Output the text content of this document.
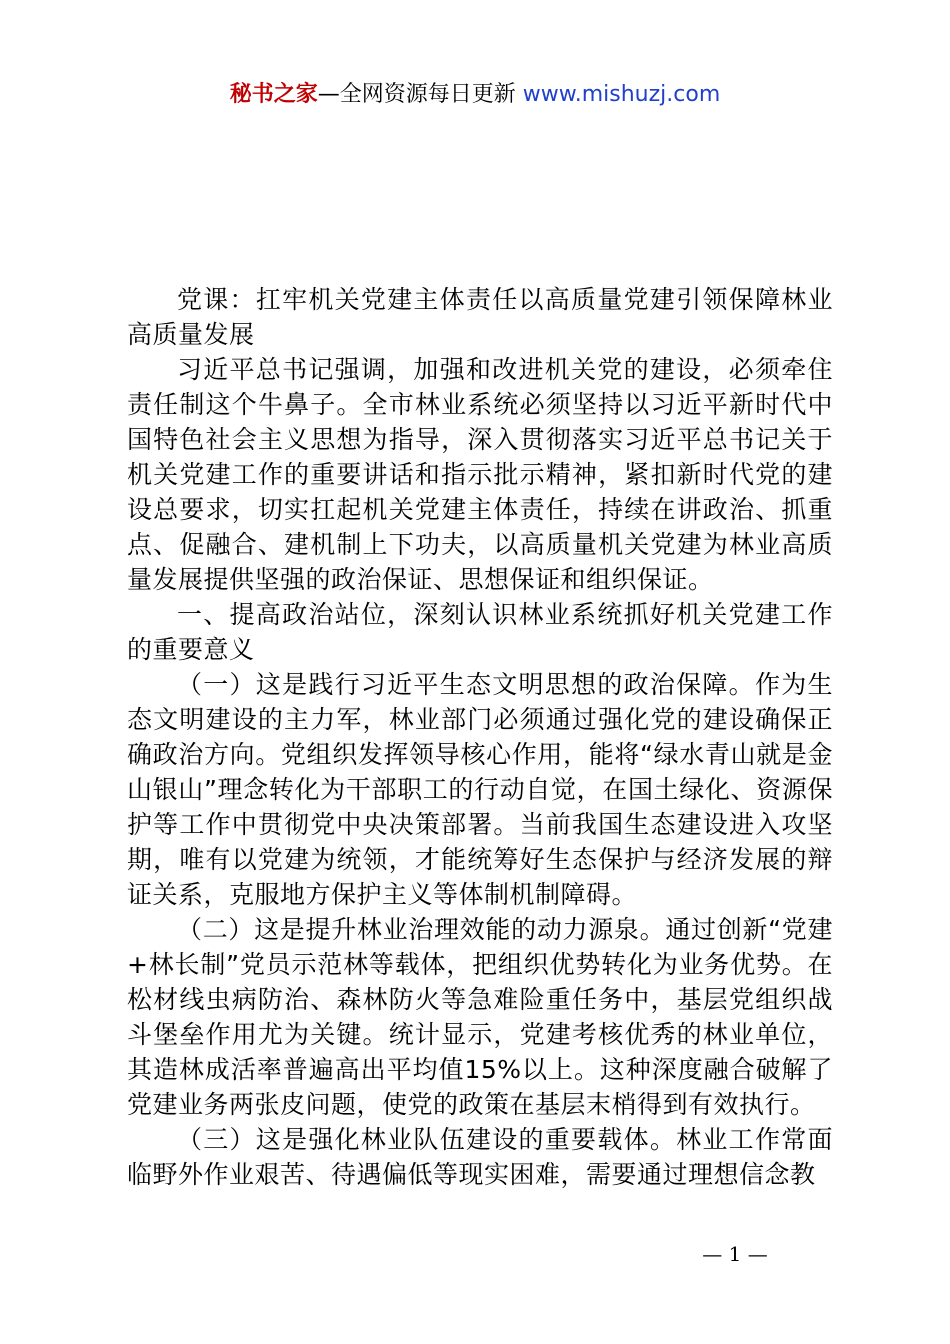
秘书之家—全网资源每日更新 www.mishuzj.com

党课：扛牢机关党建主体责任以高质量党建引领保障林业高质量发展

习近平总书记强调，加强和改进机关党的建设，必须牵住责任制这个牛鼻子。全市林业系统必须坚持以习近平新时代中国特色社会主义思想为指导，深入贯彻落实习近平总书记关于机关党建工作的重要讲话和指示批示精神，紧扣新时代党的建设总要求，切实扛起机关党建主体责任，持续在讲政治、抓重点、促融合、建机制上下功夫，以高质量机关党建为林业高质量发展提供坚强的政治保证、思想保证和组织保证。

一、提高政治站位，深刻认识林业系统抓好机关党建工作的重要意义

（一）这是践行习近平生态文明思想的政治保障。作为生态文明建设的主力军，林业部门必须通过强化党的建设确保正确政治方向。党组织发挥领导核心作用，能将“绿水青山就是金山银山”理念转化为干部职工的行动自觉，在国土绿化、资源保护等工作中贯彻党中央决策部署。当前我国生态建设进入攻坚期，唯有以党建为统领，才能统筹好生态保护与经济发展的辩证关系，克服地方保护主义等体制机制障碍。

（二）这是提升林业治理效能的动力源泉。通过创新“党建+林长制”党员示范林等载体，把组织优势转化为业务优势。在松材线虫病防治、森林防火等急难险重任务中，基层党组织战斗堡垒作用尤为关键。统计显示，党建考核优秀的林业单位，其造林成活率普遍高出平均值15%以上。这种深度融合破解了党建业务两张皮问题，使党的政策在基层末梢得到有效执行。

（三）这是强化林业队伍建设的重要载体。林业工作常面临野外作业艰苦、待遇偏低等现实困难，需要通过理想信念教

— 1 —
